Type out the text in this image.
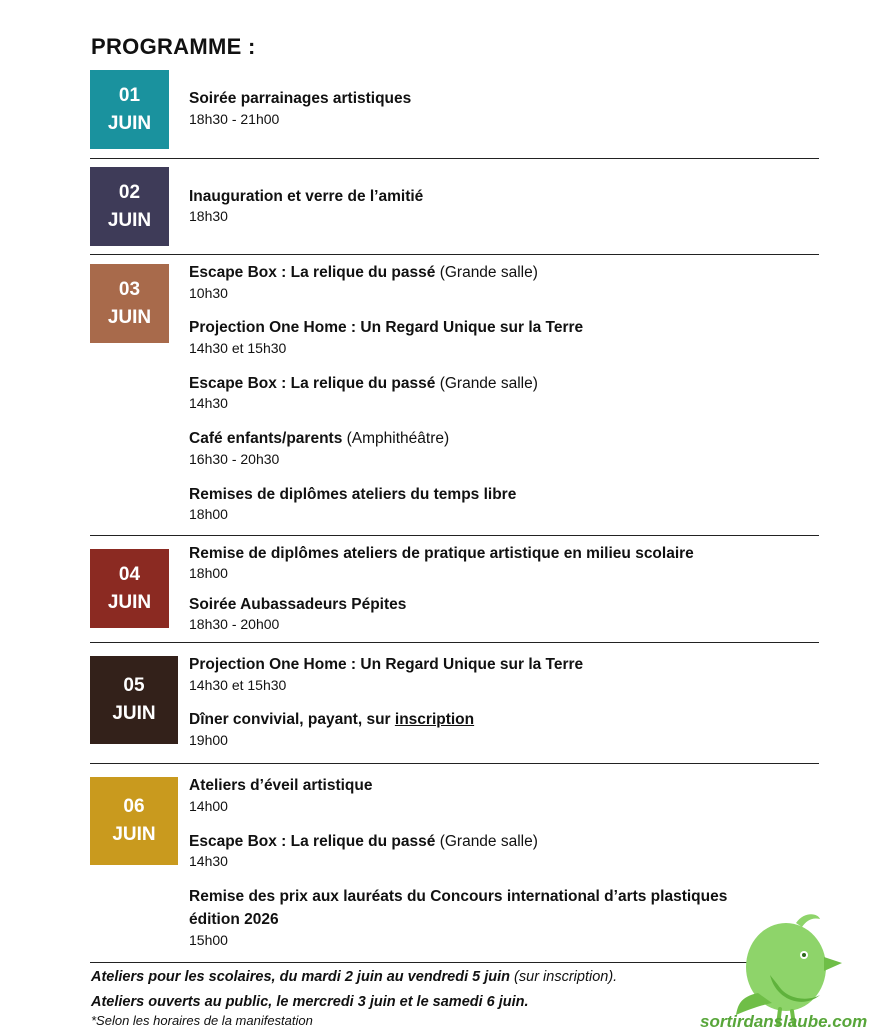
PROGRAMME :
01
JUIN
Soirée parrainages artistiques
18h30 - 21h00
02
JUIN
Inauguration et verre de l’amitié
18h30
03
JUIN
Escape Box : La relique du passé (Grande salle)
10h30
Projection One Home : Un Regard Unique sur la Terre
14h30 et 15h30
Escape Box : La relique du passé (Grande salle)
14h30
Café enfants/parents (Amphithéâtre)
16h30 - 20h30
Remises de diplômes ateliers du temps libre
18h00
04
JUIN
Remise de diplômes ateliers de pratique artistique en milieu scolaire
18h00
Soirée Aubassadeurs Pépites
18h30 - 20h00
05
JUIN
Projection One Home : Un Regard Unique sur la Terre
14h30 et 15h30
Dîner convivial, payant, sur inscription
19h00
06
JUIN
Ateliers d’éveil artistique
14h00
Escape Box : La relique du passé (Grande salle)
14h30
Remise des prix aux lauréats du Concours international d’arts plastiques
édition 2026
15h00
Ateliers pour les scolaires, du mardi 2 juin au vendredi 5 juin (sur inscription).
Ateliers ouverts au public, le mercredi 3 juin et le samedi 6 juin.
*Selon les horaires de la manifestation	sortirdanslaube.com
